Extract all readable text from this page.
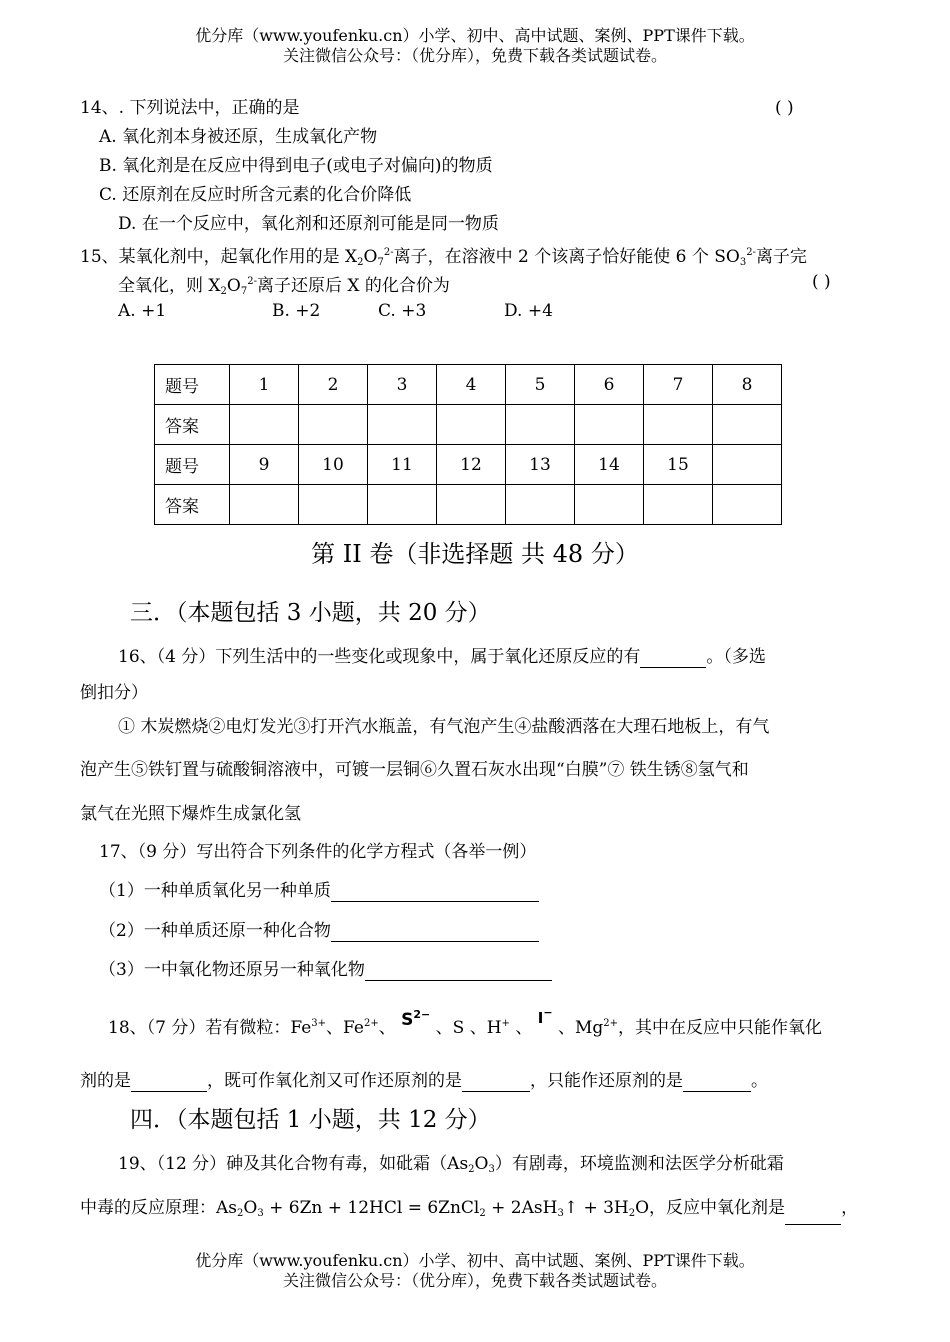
优分库（www.youfenku.cn）小学、初中、高中试题、案例、PPT课件下载。
关注微信公众号：（优分库），免费下载各类试题试卷。
14、. 下列说法中，正确的是	( )
A. 氧化剂本身被还原，生成氧化产物
B. 氧化剂是在反应中得到电子(或电子对偏向)的物质
C. 还原剂在反应时所含元素的化合价降低
D. 在一个反应中，氧化剂和还原剂可能是同一物质
15、某氧化剂中，起氧化作用的是 $X_2O_7^{2-}$离子，在溶液中 2 个该离子恰好能使 6 个 $SO_3^{2-}$离子完
全氧化，则 $X_2O_7^{2-}$离子还原后 X 的化合价为	( )
A. +1	B. +2	C. +3	D. +4
题号	1	2	3	4	5	6	7	8
答案								
题号	9	10	11	12	13	14	15	
答案								
第 II 卷（非选择题 共 48 分）
三．（本题包括 3 小题，共 20 分）
16、（4 分）下列生活中的一些变化或现象中，属于氧化还原反应的有	。（多选
倒扣分）
① 木炭燃烧②电灯发光③打开汽水瓶盖，有气泡产生④盐酸洒落在大理石地板上，有气
泡产生⑤铁钉置与硫酸铜溶液中，可镀一层铜⑥久置石灰水出现“白膜”⑦ 铁生锈⑧氢气和
氯气在光照下爆炸生成氯化氢
17、（9 分）写出符合下列条件的化学方程式（各举一例）
（1）一种单质氧化另一种单质
（2）一种单质还原一种化合物
（3）一中氧化物还原另一种氧化物
18、（7 分）若有微粒：$Fe^{3+}$、$Fe^{2+}$、 $S^{2-}$ 、S 、H+ 、 I− 、$Mg^{2+}$，其中在反应中只能作氧化
剂的是	，既可作氧化剂又可作还原剂的是	，只能作还原剂的是	。
四．（本题包括 1 小题，共 12 分）
19、（12 分）砷及其化合物有毒，如砒霜$(As_2O_3)$有剧毒，环境监测和法医学分析砒霜
中毒的反应原理：$As_2O_3 + 6Zn + 12HCl$ = 6ZnCl$_2$ + 2AsH$_3$↑ + $3H_2O$，反应中氧化剂是	，
优分库（www.youfenku.cn）小学、初中、高中试题、案例、PPT课件下载。
关注微信公众号：（优分库），免费下载各类试题试卷。
